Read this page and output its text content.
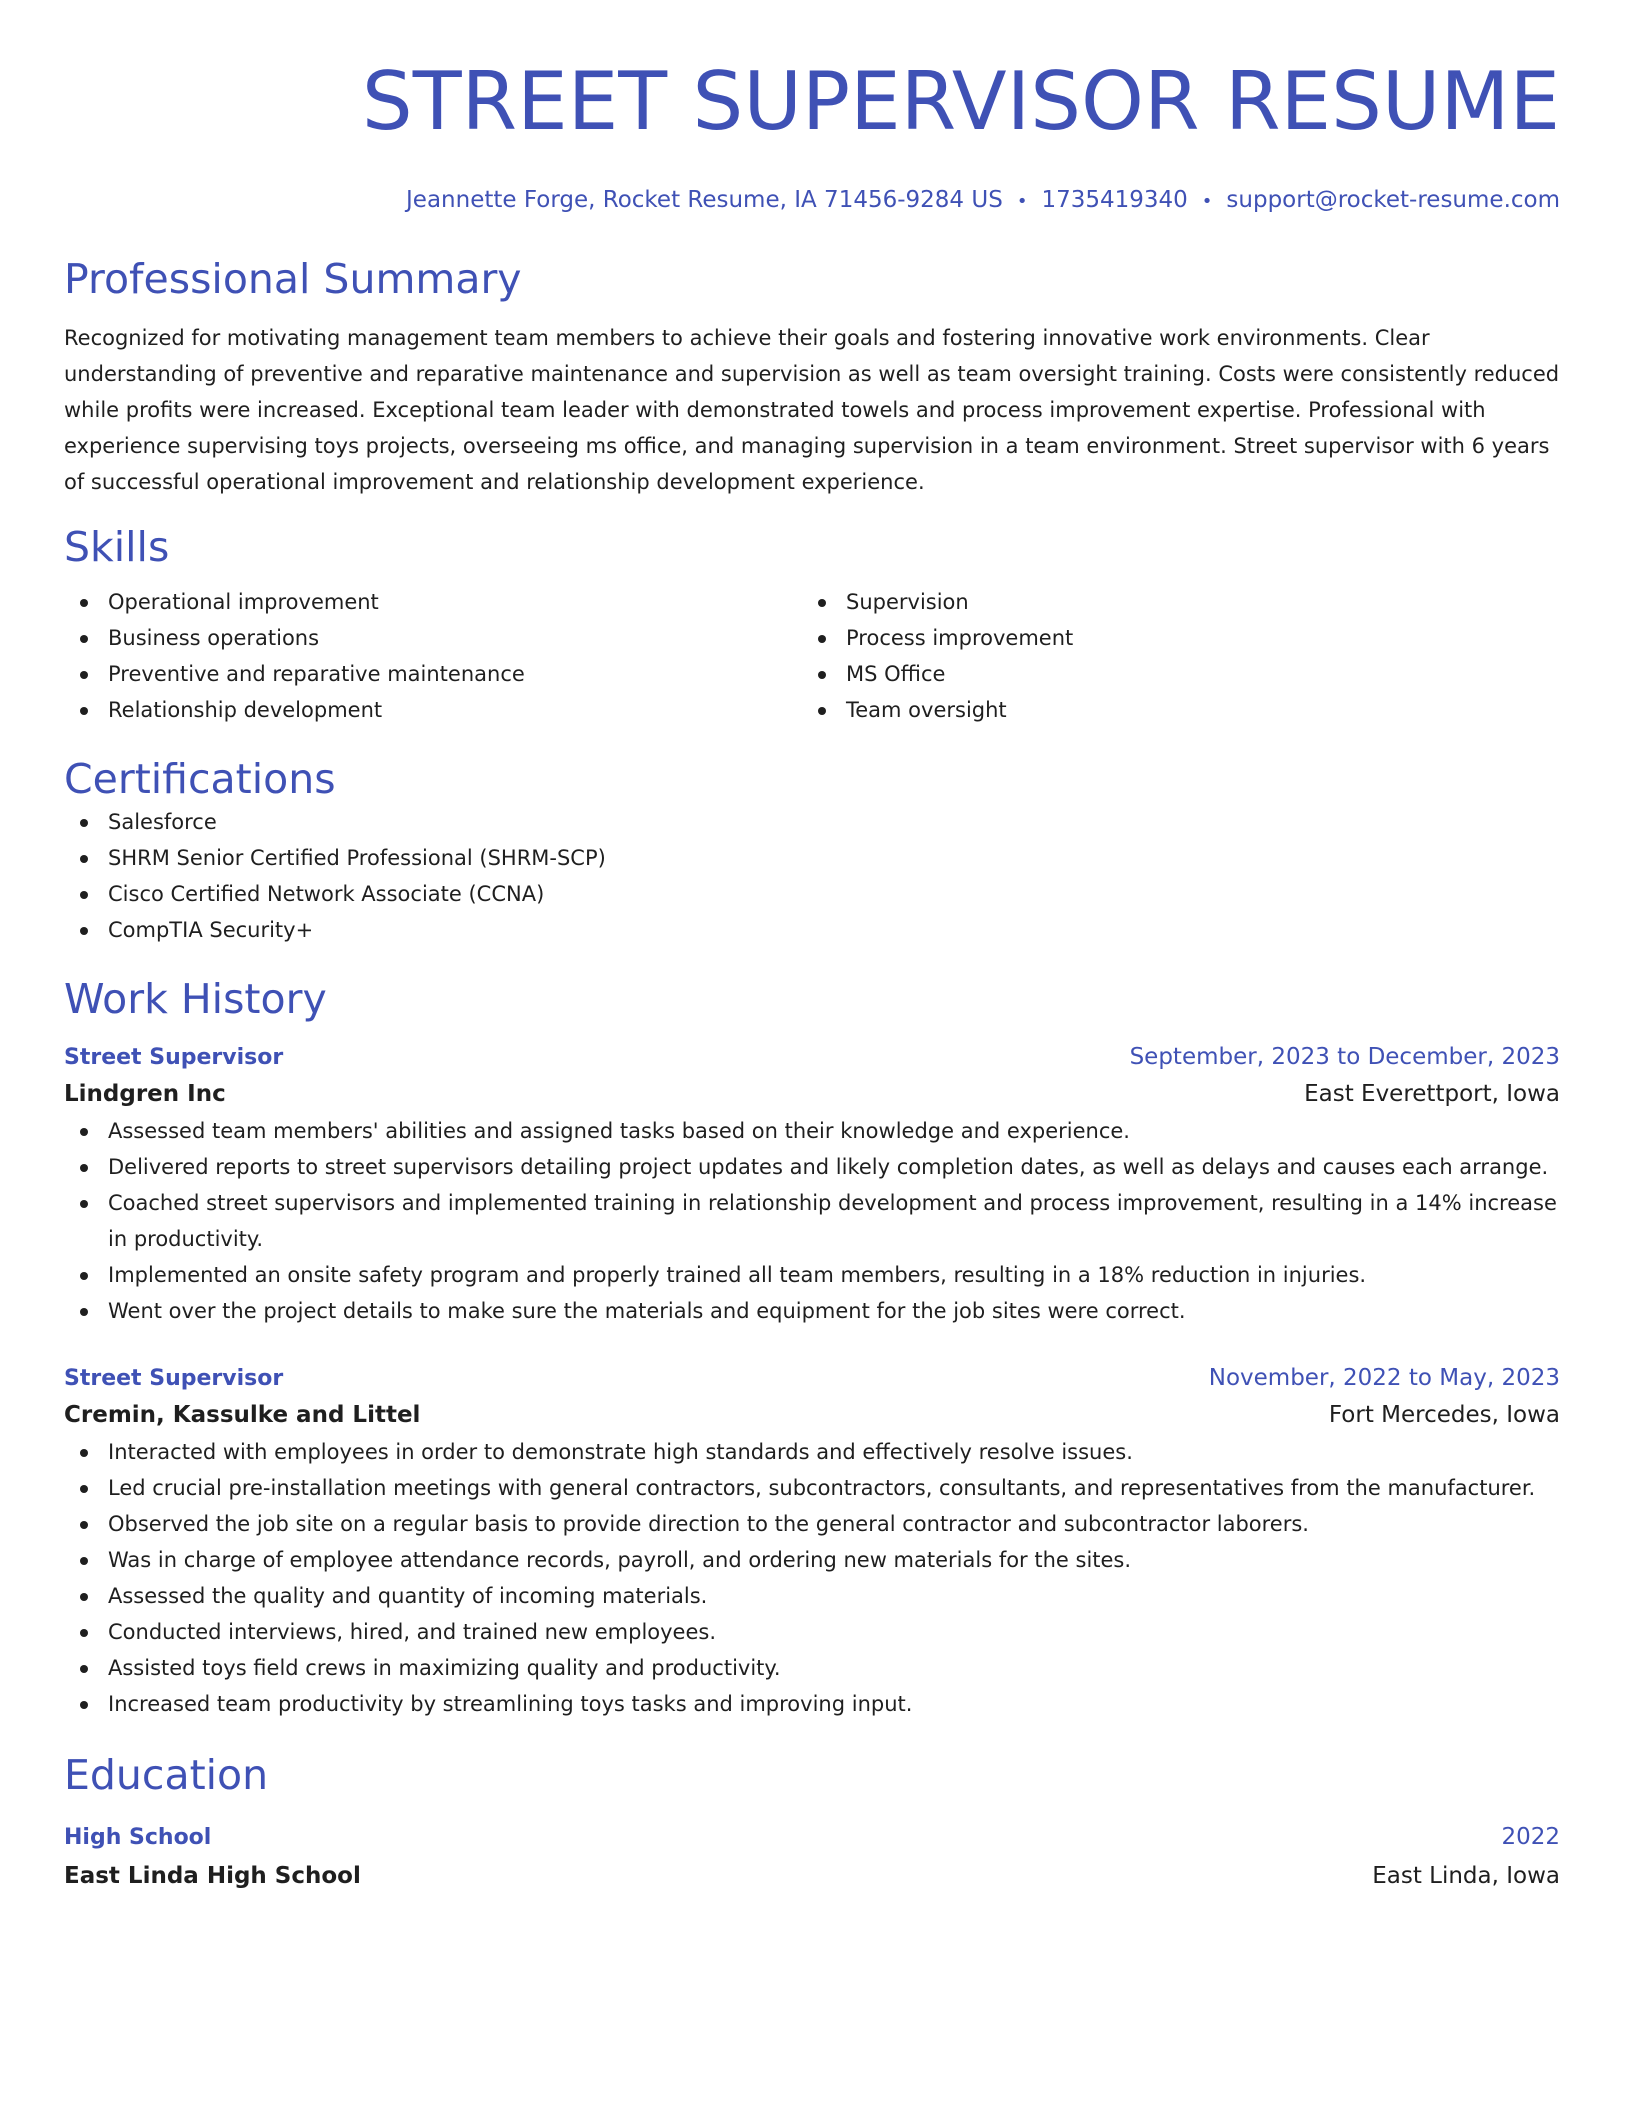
STREET SUPERVISOR RESUME
Jeannette Forge, Rocket Resume, IA 71456-9284 US • 1735419340 • support@rocket-resume.com
Professional Summary
Recognized for motivating management team members to achieve their goals and fostering innovative work environments. Clear understanding of preventive and reparative maintenance and supervision as well as team oversight training. Costs were consistently reduced while profits were increased. Exceptional team leader with demonstrated towels and process improvement expertise. Professional with experience supervising toys projects, overseeing ms office, and managing supervision in a team environment. Street supervisor with 6 years of successful operational improvement and relationship development experience.
Skills
Operational improvement
Business operations
Preventive and reparative maintenance
Relationship development
Supervision
Process improvement
MS Office
Team oversight
Certifications
Salesforce
SHRM Senior Certified Professional (SHRM-SCP)
Cisco Certified Network Associate (CCNA)
CompTIA Security+
Work History
Street Supervisor	September, 2023 to December, 2023
Lindgren Inc	East Everettport, Iowa
Assessed team members' abilities and assigned tasks based on their knowledge and experience.
Delivered reports to street supervisors detailing project updates and likely completion dates, as well as delays and causes each arrange.
Coached street supervisors and implemented training in relationship development and process improvement, resulting in a 14% increase in productivity.
Implemented an onsite safety program and properly trained all team members, resulting in a 18% reduction in injuries.
Went over the project details to make sure the materials and equipment for the job sites were correct.
Street Supervisor	November, 2022 to May, 2023
Cremin, Kassulke and Littel	Fort Mercedes, Iowa
Interacted with employees in order to demonstrate high standards and effectively resolve issues.
Led crucial pre-installation meetings with general contractors, subcontractors, consultants, and representatives from the manufacturer.
Observed the job site on a regular basis to provide direction to the general contractor and subcontractor laborers.
Was in charge of employee attendance records, payroll, and ordering new materials for the sites.
Assessed the quality and quantity of incoming materials.
Conducted interviews, hired, and trained new employees.
Assisted toys field crews in maximizing quality and productivity.
Increased team productivity by streamlining toys tasks and improving input.
Education
High School	2022
East Linda High School	East Linda, Iowa
